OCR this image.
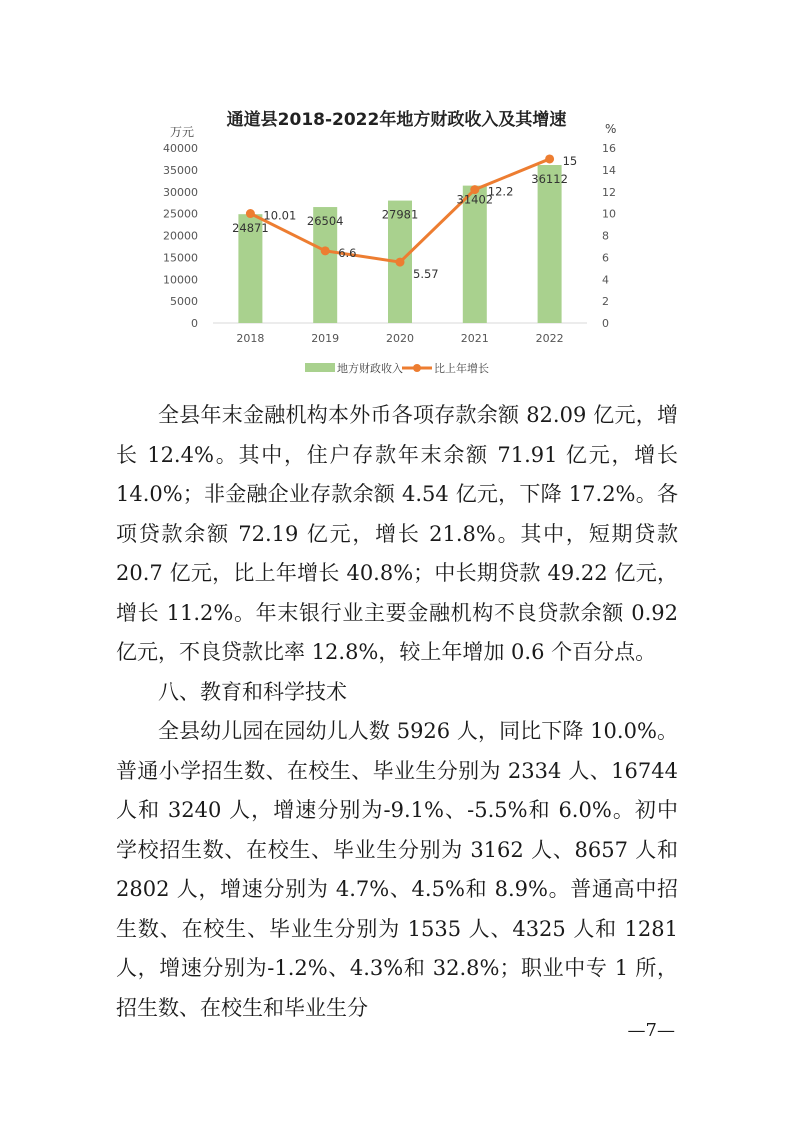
通道县2018-2022年地方财政收入及其增速
万元	%
0
5000
10000
15000
20000
25000
30000
35000
40000
0
2
4
6
8
10
12
14
16
2018	2019	2020	2021	2022
24871
26504	27981
31402
36112
10.01
6.6
5.57
12.2
15
地方财政收入	比上年增长

全县年末金融机构本外币各项存款余额 82.09 亿元，增长 12.4%。其中，住户存款年末余额 71.91 亿元，增长 14.0%；非金融企业存款余额 4.54 亿元，下降 17.2%。各项贷款余额 72.19 亿元，增长 21.8%。其中，短期贷款 20.7 亿元，比上年增长 40.8%；中长期贷款 49.22 亿元，增长 11.2%。年末银行业主要金融机构不良贷款余额 0.92 亿元，不良贷款比率 12.8%，较上年增加 0.6 个百分点。

八、教育和科学技术

全县幼儿园在园幼儿人数 5926 人，同比下降 10.0%。普通小学招生数、在校生、毕业生分别为 2334 人、16744 人和 3240 人，增速分别为-9.1%、-5.5%和 6.0%。初中学校招生数、在校生、毕业生分别为 3162 人、8657 人和 2802 人，增速分别为 4.7%、4.5%和 8.9%。普通高中招生数、在校生、毕业生分别为 1535 人、4325 人和 1281 人，增速分别为-1.2%、4.3%和 32.8%；职业中专 1 所，招生数、在校生和毕业生分

—7—
